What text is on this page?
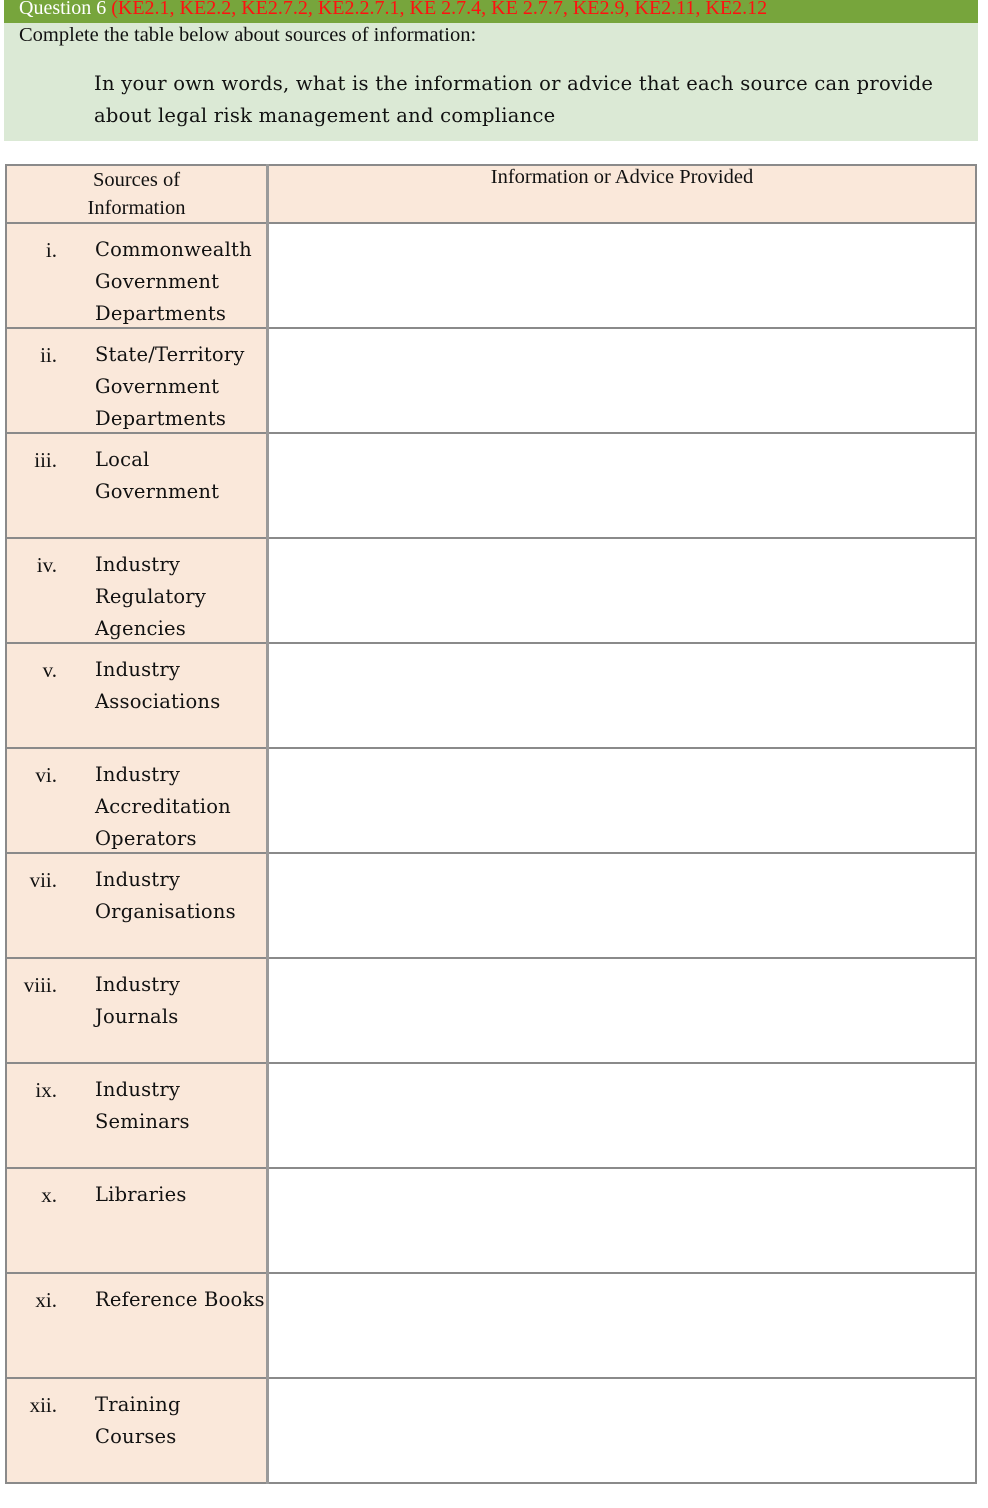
Question 6 (KE2.1, KE2.2, KE2.7.2, KE2.2.7.1, KE 2.7.4, KE 2.7.7, KE2.9, KE2.11, KE2.12
Complete the table below about sources of information:
In your own words, what is the information or advice that each source can provide about legal risk management and compliance
Sources of Information	Information or Advice Provided

i. Commonwealth Government Departments	

ii. State/Territory Government Departments	

iii. Local Government	

iv. Industry Regulatory Agencies	

v. Industry Associations	

vi. Industry Accreditation Operators	

vii. Industry Organisations	

viii. Industry Journals	

ix. Industry Seminars	

x. Libraries	

xi. Reference Books	

xii. Training Courses	
